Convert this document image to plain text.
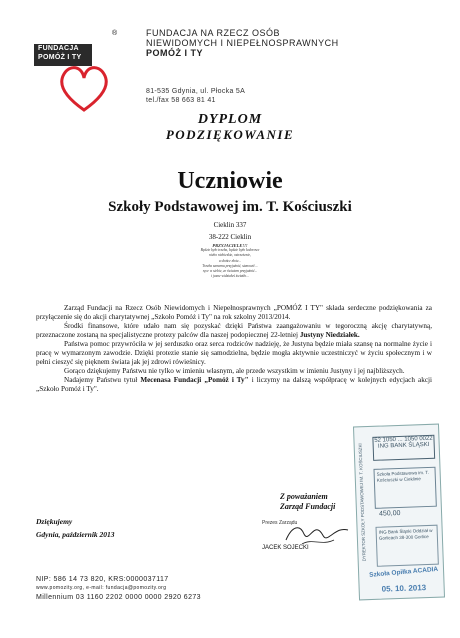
FUNDACJA
POMÓŻ I TY
®	FUNDACJA NA RZECZ OSÓB
NIEWIDOMYCH I NIEPEŁNOSPRAWNYCH
POMÓŻ I TY
81-535 Gdynia, ul. Płocka 5A
tel./fax 58 663 81 41
DYPLOM
PODZIĘKOWANIE
Uczniowie
Szkoły Podstawowej im. T. Kościuszki
Cieklin 337
38-222 Cieklin
PRZYJACIELE!!!
Będzie było trzeba, będzie było kolorowe
niebo niebieskie, ostrzeżenie,
a słońce złote...
Trzeba samemu przyjaźnić, stanowić...
ręce w siebie, ze światem przyjaźnić...
i jasne widziałeś światło...

Zarząd Fundacji na Rzecz Osób Niewidomych i Niepełnosprawnych „POMÓŻ I TY" składa serdeczne podziękowania za przyłączenie się do akcji charytatywnej „Szkoło Pomóż i Ty" na rok szkolny 2013/2014.

Środki finansowe, które udało nam się pozyskać dzięki Państwa zaangażowaniu w tegoroczną akcję charytatywną, przeznaczone zostaną na specjalistyczne protezy palców dla naszej podopiecznej 22-letniej Justyny Niedziałek.

Państwa pomoc przywróciła w jej serduszko oraz serca rodziców nadzieję, że Justyna będzie miała szansę na normalne życie i pracę w wymarzonym zawodzie. Dzięki protezie stanie się samodzielna, będzie mogła aktywnie uczestniczyć w życiu społecznym i w pełni cieszyć się pięknem świata jak jej zdrowi rówieśnicy.

Gorąco dziękujemy Państwu nie tylko w imieniu własnym, ale przede wszystkim w imieniu Justyny i jej najbliższych.

Nadajemy Państwu tytuł Mecenasa Fundacji „Pomóż i Ty" i liczymy na dalszą współpracę w kolejnych edycjach akcji „Szkoło Pomóż i Ty".

Z poważaniem
Zarząd Fundacji
Prezes Zarządu
JACEK SOJECKI
Dziękujemy
Gdynia, październik 2013
NIP: 586 14 73 820, KRS:0000037117
www.pomozity.org, e-mail: fundacja@pomozity.org
Millennium 03 1160 2202 0000 0000 2920 6273
DYREKTOR SZKOŁY PODSTAWOWEJ IM. T. KOŚCIUSZKI
52 1050 ... 1050 0022
ING BANK ŚLĄSKI
Szkoła Podstawowa im. T. Kościuszki w Cieklinie
450,00
ING Bank Śląski Oddział w Gorlicach 38-300 Gorlice
Szkoła Opiłka ACADIA
05. 10. 2013
